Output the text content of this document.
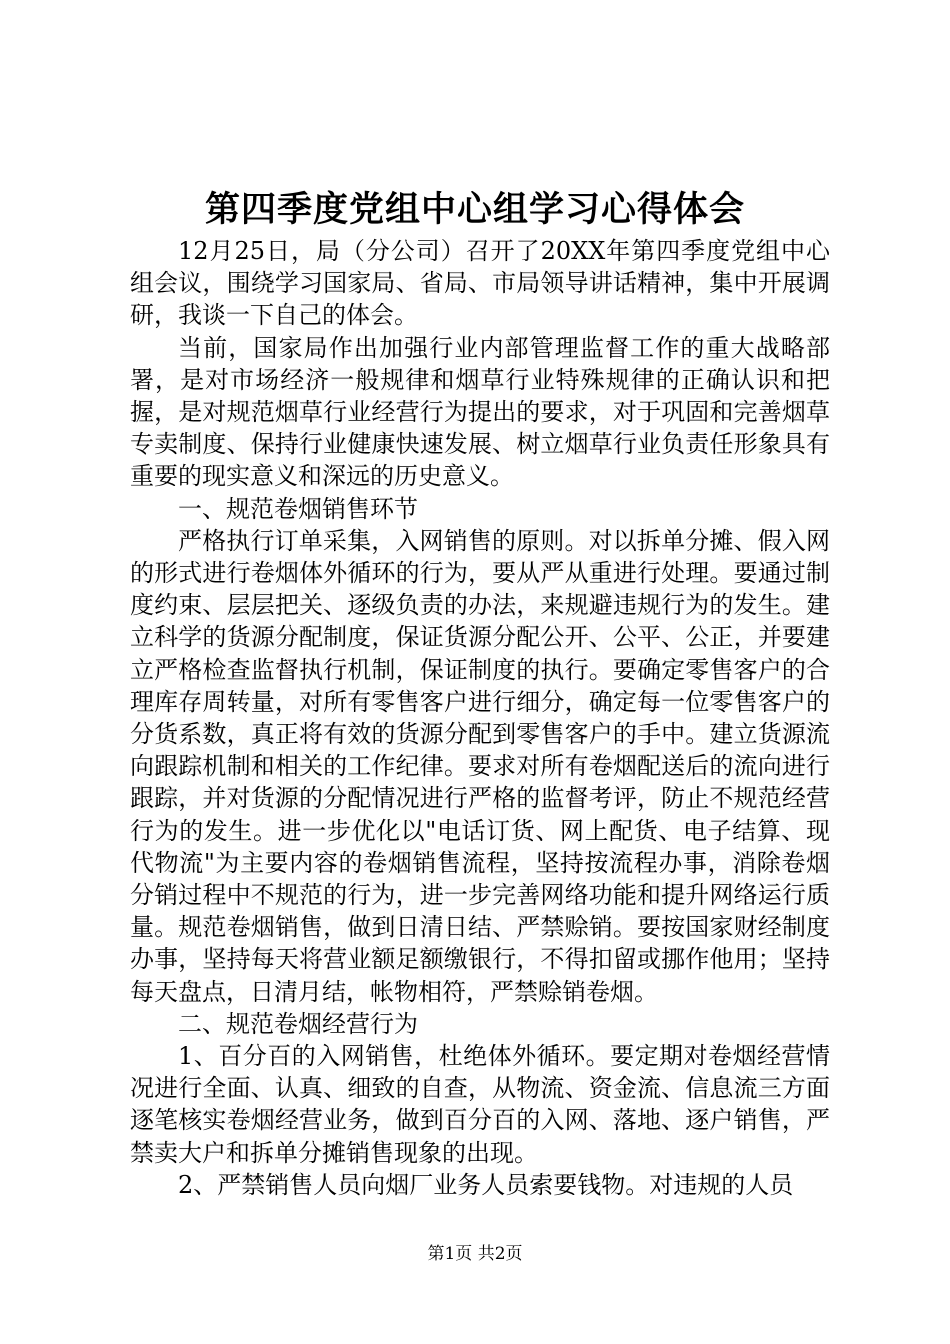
第四季度党组中心组学习心得体会

12月25日，局（分公司）召开了20XX年第四季度党组中心组会议，围绕学习国家局、省局、市局领导讲话精神，集中开展调研，我谈一下自己的体会。

当前，国家局作出加强行业内部管理监督工作的重大战略部署，是对市场经济一般规律和烟草行业特殊规律的正确认识和把握，是对规范烟草行业经营行为提出的要求，对于巩固和完善烟草专卖制度、保持行业健康快速发展、树立烟草行业负责任形象具有重要的现实意义和深远的历史意义。

一、规范卷烟销售环节

严格执行订单采集，入网销售的原则。对以拆单分摊、假入网的形式进行卷烟体外循环的行为，要从严从重进行处理。要通过制度约束、层层把关、逐级负责的办法，来规避违规行为的发生。建立科学的货源分配制度，保证货源分配公开、公平、公正，并要建立严格检查监督执行机制，保证制度的执行。要确定零售客户的合理库存周转量，对所有零售客户进行细分，确定每一位零售客户的分货系数，真正将有效的货源分配到零售客户的手中。建立货源流向跟踪机制和相关的工作纪律。要求对所有卷烟配送后的流向进行跟踪，并对货源的分配情况进行严格的监督考评，防止不规范经营行为的发生。进一步优化以"电话订货、网上配货、电子结算、现代物流"为主要内容的卷烟销售流程，坚持按流程办事，消除卷烟分销过程中不规范的行为，进一步完善网络功能和提升网络运行质量。规范卷烟销售，做到日清日结、严禁赊销。要按国家财经制度办事，坚持每天将营业额足额缴银行，不得扣留或挪作他用；坚持每天盘点，日清月结，帐物相符，严禁赊销卷烟。

二、规范卷烟经营行为

1、百分百的入网销售，杜绝体外循环。要定期对卷烟经营情况进行全面、认真、细致的自查，从物流、资金流、信息流三方面逐笔核实卷烟经营业务，做到百分百的入网、落地、逐户销售，严禁卖大户和拆单分摊销售现象的出现。

2、严禁销售人员向烟厂业务人员索要钱物。对违规的人员

第1页 共2页
